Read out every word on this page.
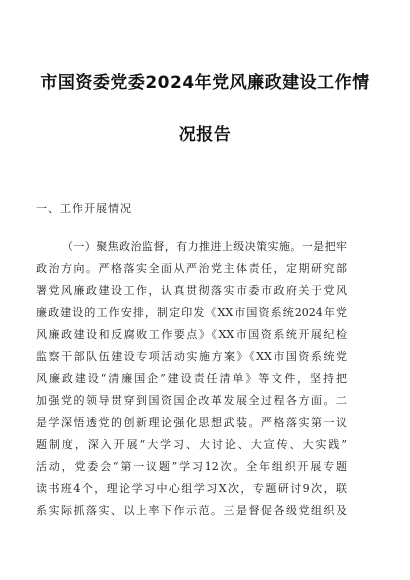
市国资委党委2024年党风廉政建设工作情
况报告
一、工作开展情况
（一）聚焦政治监督，有力推进上级决策实施。一是把牢
政治方向。严格落实全面从严治党主体责任，定期研究部
署党风廉政建设工作，认真贯彻落实市委市政府关于党风
廉政建设的工作安排，制定印发《XX市国资系统2024年党
风廉政建设和反腐败工作要点》《XX市国资系统开展纪检
监察干部队伍建设专项活动实施方案》《XX市国资系统党
风廉政建设“清廉国企”建设责任清单》等文件，坚持把
加强党的领导贯穿到国资国企改革发展全过程各方面。二
是学深悟透党的创新理论强化思想武装。严格落实第一议
题制度，深入开展“大学习、大讨论、大宣传、大实践”
活动，党委会“第一议题”学习12次。全年组织开展专题
读书班4个，理论学习中心组学习X次，专题研讨9次，联
系实际抓落实、以上率下作示范。三是督促各级党组织及
